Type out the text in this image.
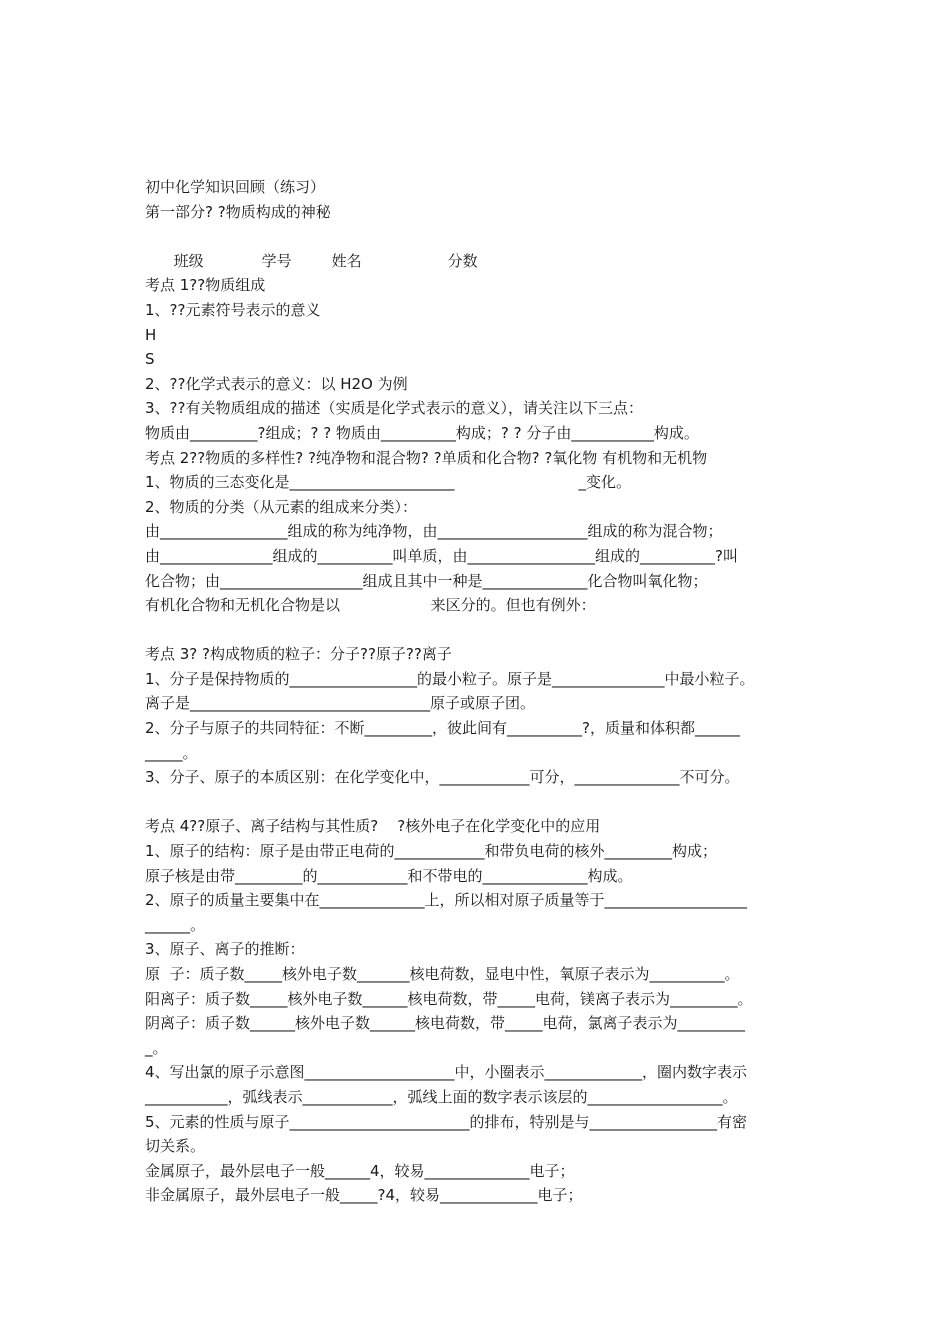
初中化学知识回顾（练习）
第一部分? ?物质构成的神秘

班级	学号	姓名	分数

考点 1??物质组成
1、??元素符号表示的意义
H
S
2、??化学式表示的意义：以 H2O 为例
3、??有关物质组成的描述（实质是化学式表示的意义），请关注以下三点：
物质由_________?组成；? ? 物质由__________构成；? ? 分子由___________构成。
考点 2??物质的多样性? ?纯净物和混合物? ?单质和化合物? ?氧化物 有机物和无机物
1、物质的三态变化是______________________                          _变化。
2、物质的分类（从元素的组成来分类）：
由_________________组成的称为纯净物，由____________________组成的称为混合物；
由_______________组成的__________叫单质，由_________________组成的__________?叫
化合物；由___________________组成且其中一种是______________化合物叫氧化物；
有机化合物和无机化合物是以                   来区分的。但也有例外：
考点 3? ?构成物质的粒子：分子??原子??离子
1、分子是保持物质的_________________的最小粒子。原子是_______________中最小粒子。
离子是________________________________原子或原子团。
2、分子与原子的共同特征：不断_________，彼此间有__________?，质量和体积都______
_____。
3、分子、原子的本质区别：在化学变化中，____________可分，______________不可分。
考点 4??原子、离子结构与其性质?    ?核外电子在化学变化中的应用
1、原子的结构：原子是由带正电荷的____________和带负电荷的核外_________构成；
原子核是由带_________的____________和不带电的______________构成。
2、原子的质量主要集中在______________上，所以相对原子质量等于___________________
______。
3、原子、离子的推断：
原  子：质子数_____核外电子数_______核电荷数，显电中性，氧原子表示为__________。
阳离子：质子数_____核外电子数______核电荷数，带_____电荷，镁离子表示为_________。
阴离子：质子数______核外电子数______核电荷数，带_____电荷，氯离子表示为_________
_。
4、写出氯的原子示意图____________________中，小圈表示_____________，圈内数字表示
___________，弧线表示____________，弧线上面的数字表示该层的__________________。
5、元素的性质与原子________________________的排布，特别是与_________________有密
切关系。
金属原子，最外层电子一般______4，较易______________电子；
非金属原子，最外层电子一般_____?4，较易_____________电子；
